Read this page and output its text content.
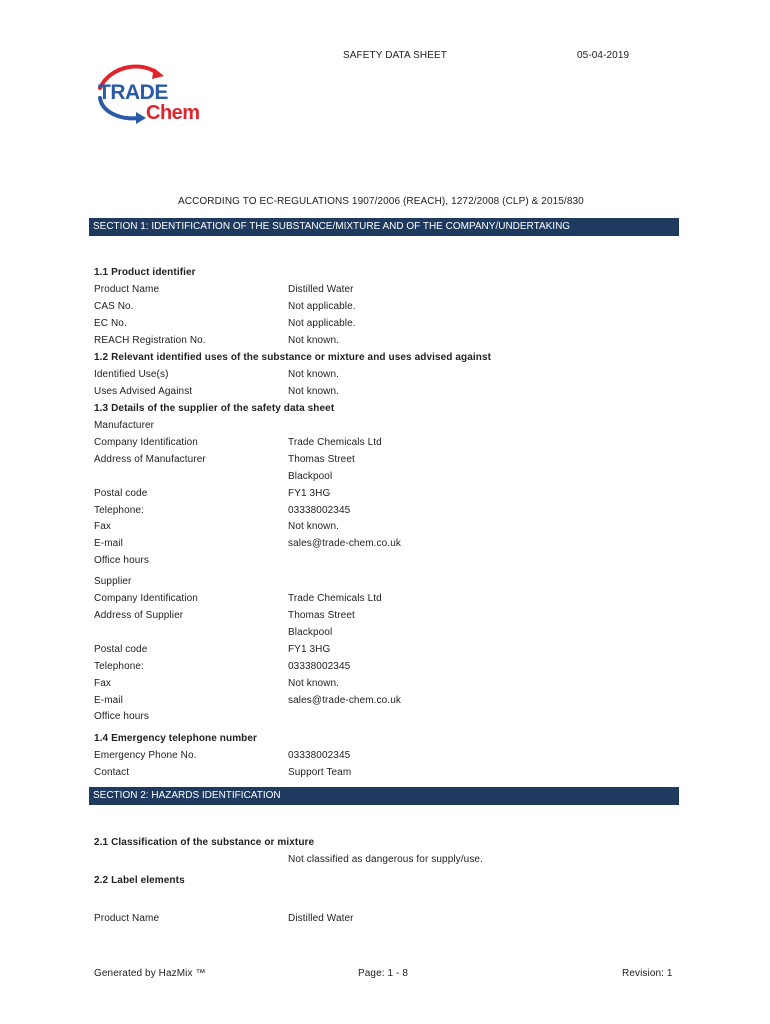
SAFETY DATA SHEET	05-04-2019
TRADE
Chem
ACCORDING TO EC-REGULATIONS 1907/2006 (REACH), 1272/2008 (CLP) & 2015/830
SECTION 1: IDENTIFICATION OF THE SUBSTANCE/MIXTURE AND OF THE COMPANY/UNDERTAKING
1.1 Product identifier
Product Name	Distilled Water
CAS No.	Not applicable.
EC No.	Not applicable.
REACH Registration No.	Not known.
1.2 Relevant identified uses of the substance or mixture and uses advised against
Identified Use(s)	Not known.
Uses Advised Against	Not known.
1.3 Details of the supplier of the safety data sheet
Manufacturer
Company Identification	Trade Chemicals Ltd
Address of Manufacturer	Thomas Street
Blackpool
Postal code	FY1 3HG
Telephone:	03338002345
Fax	Not known.
E-mail	sales@trade-chem.co.uk
Office hours
Supplier
Company Identification	Trade Chemicals Ltd
Address of Supplier	Thomas Street
Blackpool
Postal code	FY1 3HG
Telephone:	03338002345
Fax	Not known.
E-mail	sales@trade-chem.co.uk
Office hours
1.4 Emergency telephone number
Emergency Phone No.	03338002345
Contact	Support Team
SECTION 2: HAZARDS IDENTIFICATION
2.1 Classification of the substance or mixture
Not classified as dangerous for supply/use.
2.2 Label elements
Product Name	Distilled Water
Generated by HazMix ™	Page: 1 - 8	Revision: 1
